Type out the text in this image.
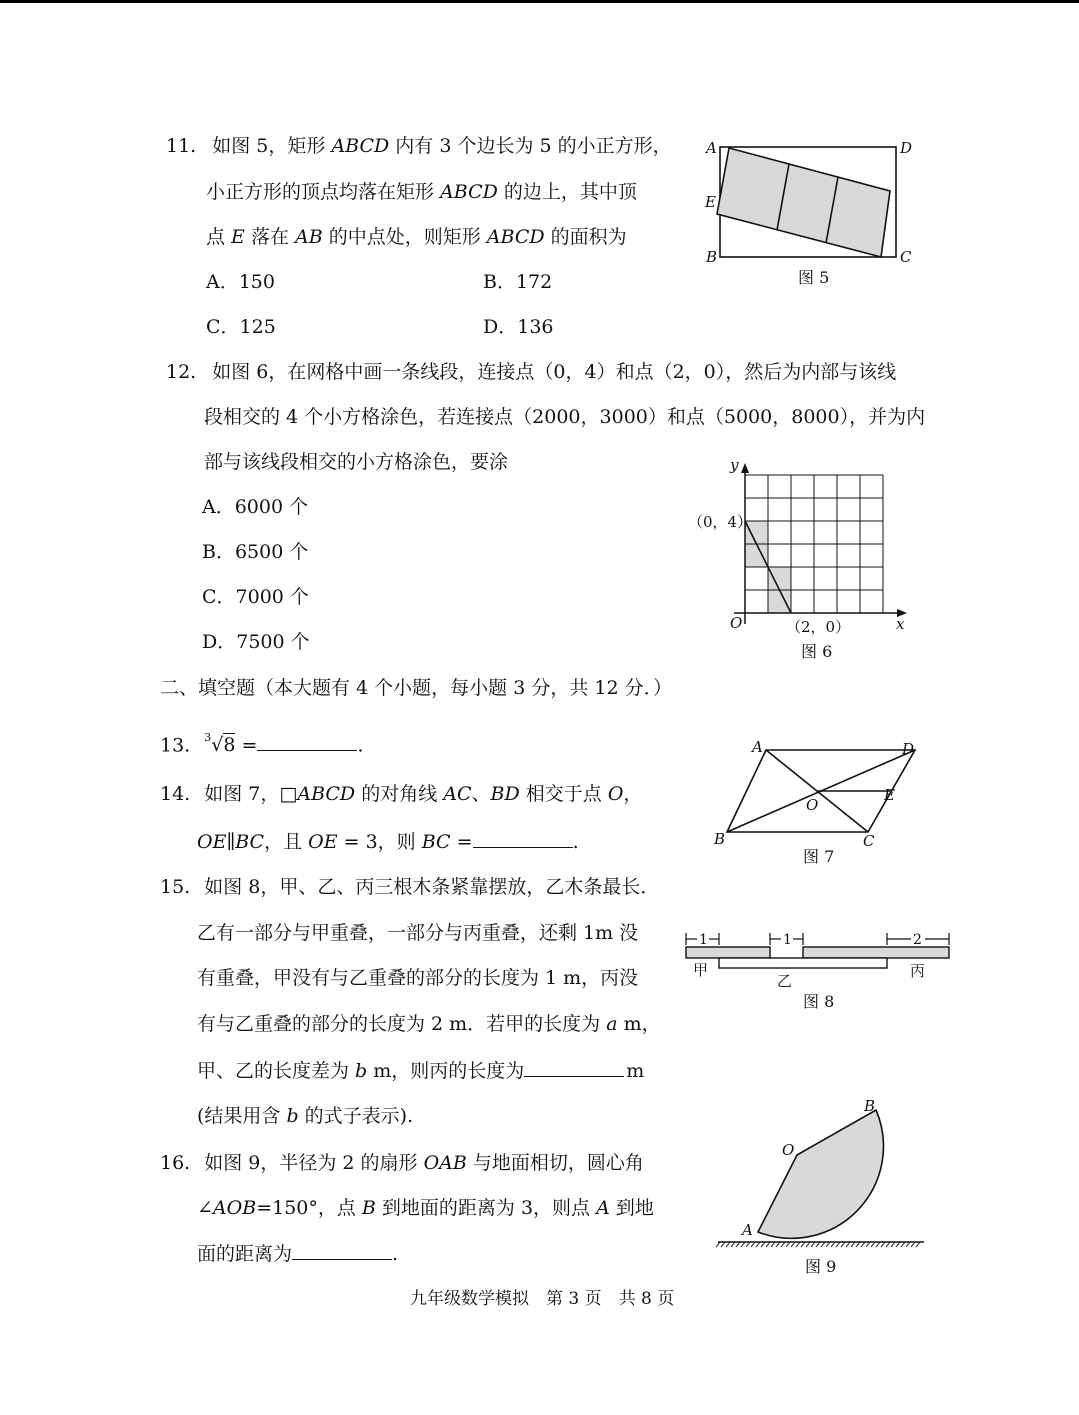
11. 如图 5，矩形 ABCD 内有 3 个边长为 5 的小正方形，
小正方形的顶点均落在矩形 ABCD 的边上，其中顶
点 E 落在 AB 的中点处，则矩形 ABCD 的面积为
A．150	B．172
C．125	D．136
A	D
E
B	C
图 5
12. 如图 6，在网格中画一条线段，连接点（0，4）和点（2，0），然后为内部与该线
段相交的 4 个小方格涂色，若连接点（2000，3000）和点（5000，8000），并为内
部与该线段相交的小方格涂色，要涂
A．6000 个
B．6500 个
C．7000 个
D．7500 个
y
x
O
（0，4）
（2，0）
图 6
二、填空题（本大题有 4 个小题，每小题 3 分，共 12 分．）
13. $^3$√8 =	.
14. 如图 7，□ABCD 的对角线 AC、BD 相交于点 O，
OE∥BC，且 OE = 3，则 BC =	.
A	D
O
E
B	C
图 7
15. 如图 8，甲、乙、丙三根木条紧靠摆放，乙木条最长．
乙有一部分与甲重叠，一部分与丙重叠，还剩 1m 没
有重叠，甲没有与乙重叠的部分的长度为 1 m，丙没
有与乙重叠的部分的长度为 2 m．若甲的长度为 a m，
甲、乙的长度差为 b m，则丙的长度为	m
(结果用含 b 的式子表示).
1	1	2
甲
乙
丙
图 8
16. 如图 9，半径为 2 的扇形 OAB 与地面相切，圆心角
∠AOB=150°，点 B 到地面的距离为 3，则点 A 到地
面的距离为	.
O
A
B
图 9
九年级数学模拟　第 3 页　共 8 页
